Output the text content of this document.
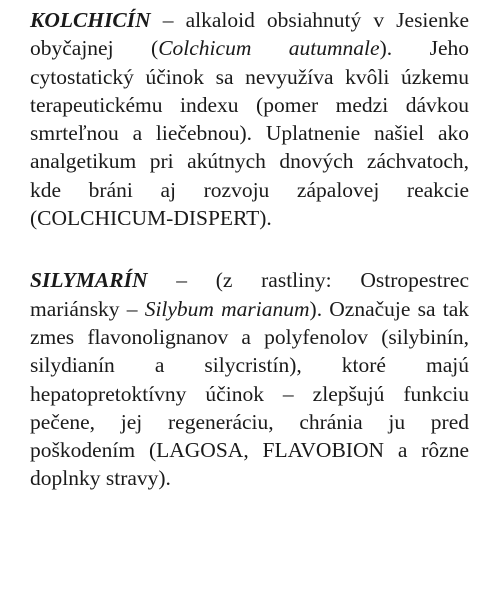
KOLCHICÍN – alkaloid obsiahnutý v Jesienke obyčajnej (Colchicum autumnale). Jeho cytostatický účinok sa nevyužíva kvôli úzkemu terapeutickému indexu (pomer medzi dávkou smrteľnou a liečebnou). Uplatnenie našiel ako analgetikum pri akútnych dnových záchvatoch, kde bráni aj rozvoju zápalovej reakcie (COLCHICUM-DISPERT).

SILYMARÍN – (z rastliny: Ostropestrec mariánsky – Silybum marianum). Označuje sa tak zmes flavonolignanov a polyfenolov (silybinín, silydianín a silycristín), ktoré majú hepatopretoktívny účinok – zlepšujú funkciu pečene, jej regeneráciu, chránia ju pred poškodením (LAGOSA, FLAVOBION a rôzne doplnky stravy).
